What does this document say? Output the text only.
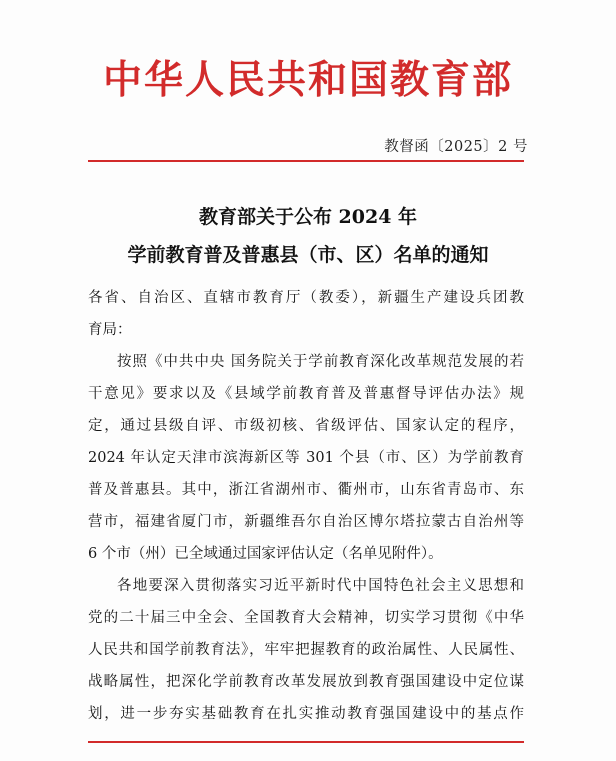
中华人民共和国教育部
教督函〔2025〕2 号
教育部关于公布 2024 年
学前教育普及普惠县（市、区）名单的通知
各省、自治区、直辖市教育厅（教委），新疆生产建设兵团教
育局：
按照《中共中央 国务院关于学前教育深化改革规范发展的若
干意见》要求以及《县域学前教育普及普惠督导评估办法》规
定，通过县级自评、市级初核、省级评估、国家认定的程序，
2024 年认定天津市滨海新区等 301 个县（市、区）为学前教育
普及普惠县。其中，浙江省湖州市、衢州市，山东省青岛市、东
营市，福建省厦门市，新疆维吾尔自治区博尔塔拉蒙古自治州等
6 个市（州）已全域通过国家评估认定（名单见附件）。
各地要深入贯彻落实习近平新时代中国特色社会主义思想和
党的二十届三中全会、全国教育大会精神，切实学习贯彻《中华
人民共和国学前教育法》，牢牢把握教育的政治属性、人民属性、
战略属性，把深化学前教育改革发展放到教育强国建设中定位谋
划，进一步夯实基础教育在扎实推动教育强国建设中的基点作
